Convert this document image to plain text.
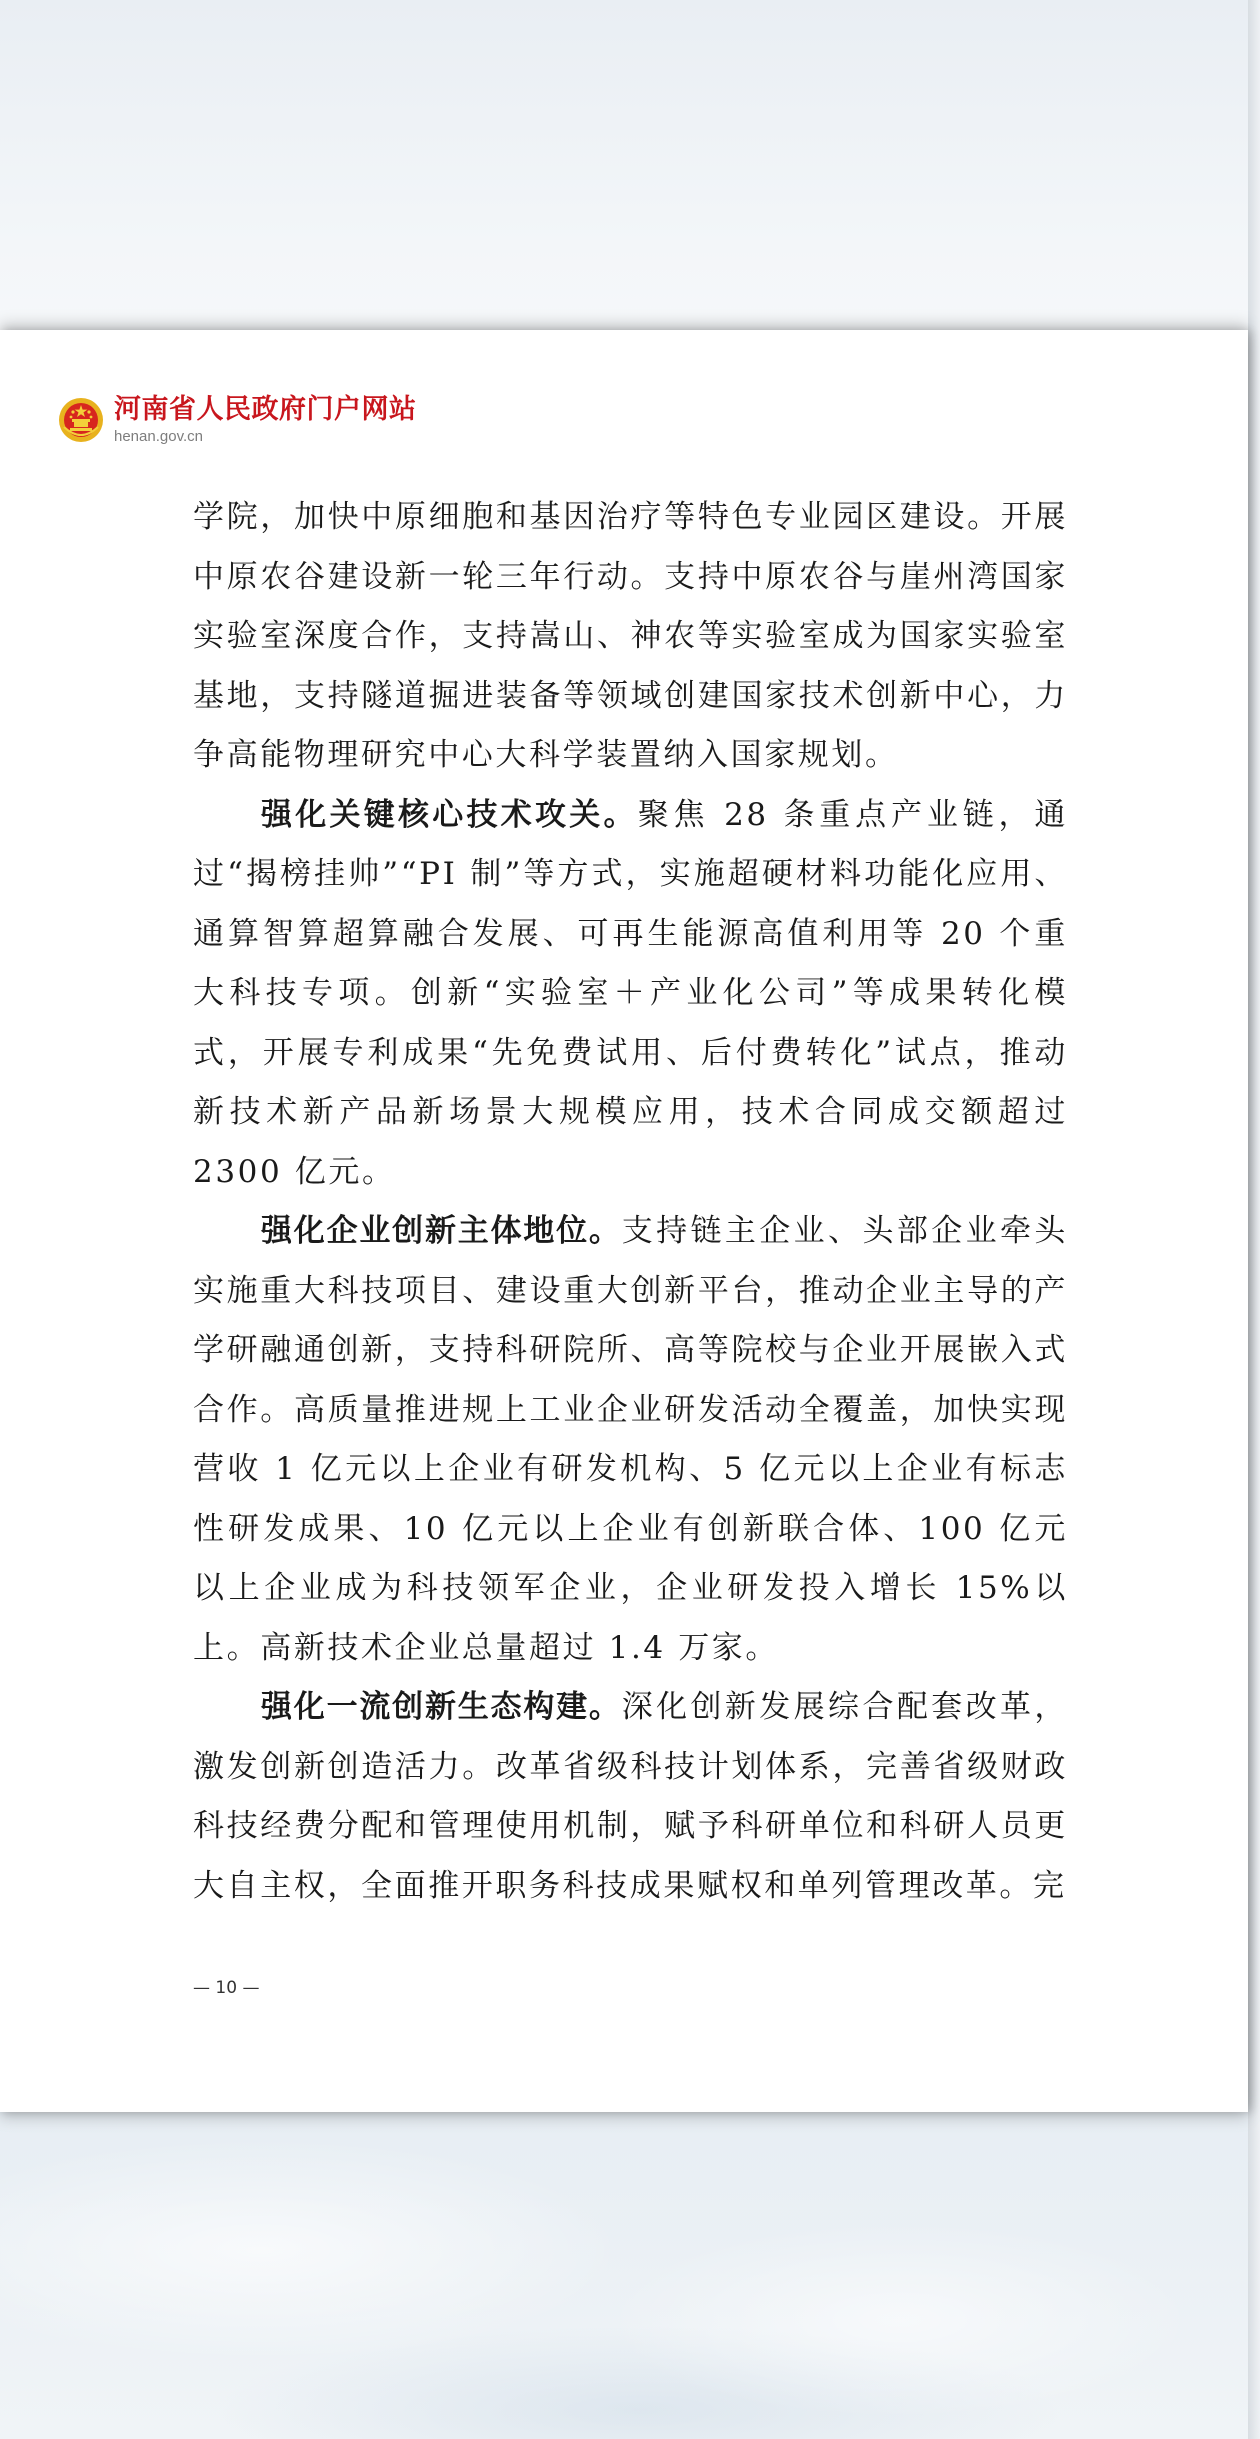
河南省人民政府门户网站
henan.gov.cn

学院，加快中原细胞和基因治疗等特色专业园区建设。开展中原农谷建设新一轮三年行动。支持中原农谷与崖州湾国家实验室深度合作，支持嵩山、神农等实验室成为国家实验室基地，支持隧道掘进装备等领域创建国家技术创新中心，力争高能物理研究中心大科学装置纳入国家规划。

强化关键核心技术攻关。聚焦 28 条重点产业链，通过“揭榜挂帅”“PI 制”等方式，实施超硬材料功能化应用、通算智算超算融合发展、可再生能源高值利用等 20 个重大科技专项。创新“实验室＋产业化公司”等成果转化模式，开展专利成果“先免费试用、后付费转化”试点，推动新技术新产品新场景大规模应用，技术合同成交额超过 2300 亿元。

强化企业创新主体地位。支持链主企业、头部企业牵头实施重大科技项目、建设重大创新平台，推动企业主导的产学研融通创新，支持科研院所、高等院校与企业开展嵌入式合作。高质量推进规上工业企业研发活动全覆盖，加快实现营收 1 亿元以上企业有研发机构、5 亿元以上企业有标志性研发成果、10 亿元以上企业有创新联合体、100 亿元以上企业成为科技领军企业，企业研发投入增长 15%以上。高新技术企业总量超过 1.4 万家。

强化一流创新生态构建。深化创新发展综合配套改革，激发创新创造活力。改革省级科技计划体系，完善省级财政科技经费分配和管理使用机制，赋予科研单位和科研人员更大自主权，全面推开职务科技成果赋权和单列管理改革。完

— 10 —
